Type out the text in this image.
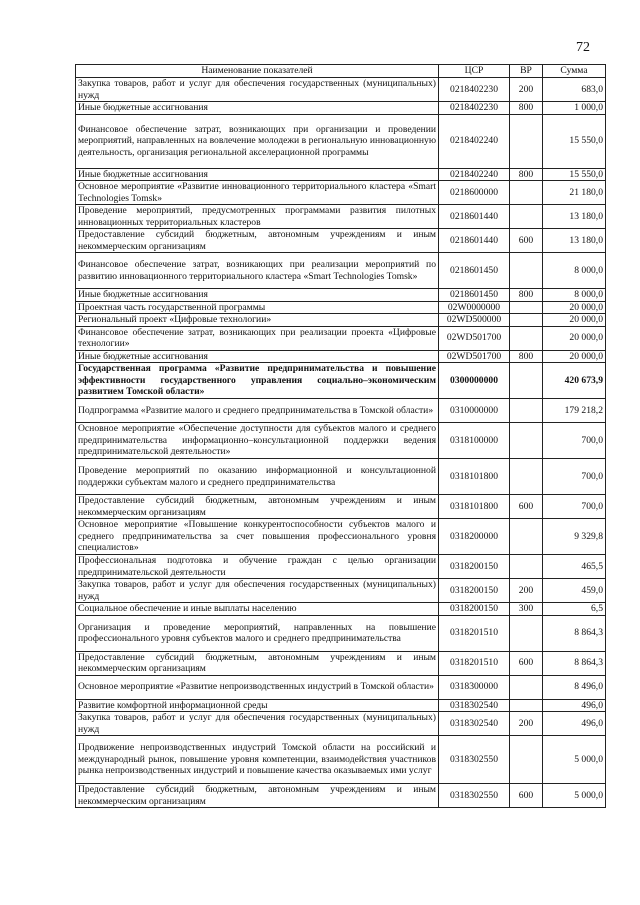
72
Наименование показателей	ЦСР	ВР	Сумма
Закупка товаров, работ и услуг для обеспечения государственных (муниципальных) нужд	0218402230	200	683,0
Иные бюджетные ассигнования	0218402230	800	1 000,0
Финансовое обеспечение затрат, возникающих при организации и проведении мероприятий, направленных на вовлечение молодежи в региональную инновационную деятельность, организация региональной акселерационной программы	0218402240		15 550,0
Иные бюджетные ассигнования	0218402240	800	15 550,0
Основное мероприятие «Развитие инновационного территориального кластера «Smart Technologies Tomsk»	0218600000		21 180,0
Проведение мероприятий, предусмотренных программами развития пилотных инновационных территориальных кластеров	0218601440		13 180,0
Предоставление субсидий бюджетным, автономным учреждениям и иным некоммерческим организациям	0218601440	600	13 180,0
Финансовое обеспечение затрат, возникающих при реализации мероприятий по развитию инновационного территориального кластера «Smart Technologies Tomsk»	0218601450		8 000,0
Иные бюджетные ассигнования	0218601450	800	8 000,0
Проектная часть государственной программы	02W0000000		20 000,0
Региональный проект «Цифровые технологии»	02WD500000		20 000,0
Финансовое обеспечение затрат, возникающих при реализации проекта «Цифровые технологии»	02WD501700		20 000,0
Иные бюджетные ассигнования	02WD501700	800	20 000,0
Государственная программа «Развитие предпринимательства и повышение эффективности государственного управления социально–экономическим развитием Томской области»	0300000000		420 673,9
Подпрограмма «Развитие малого и среднего предпринимательства в Томской области»	0310000000		179 218,2
Основное мероприятие «Обеспечение доступности для субъектов малого и среднего предпринимательства информационно–консультационной поддержки ведения предпринимательской деятельности»	0318100000		700,0
Проведение мероприятий по оказанию информационной и консультационной поддержки субъектам малого и среднего предпринимательства	0318101800		700,0
Предоставление субсидий бюджетным, автономным учреждениям и иным некоммерческим организациям	0318101800	600	700,0
Основное мероприятие «Повышение конкурентоспособности субъектов малого и среднего предпринимательства за счет повышения профессионального уровня специалистов»	0318200000		9 329,8
Профессиональная подготовка и обучение граждан с целью организации предпринимательской деятельности	0318200150		465,5
Закупка товаров, работ и услуг для обеспечения государственных (муниципальных) нужд	0318200150	200	459,0
Социальное обеспечение и иные выплаты населению	0318200150	300	6,5
Организация и проведение мероприятий, направленных на повышение профессионального уровня субъектов малого и среднего предпринимательства	0318201510		8 864,3
Предоставление субсидий бюджетным, автономным учреждениям и иным некоммерческим организациям	0318201510	600	8 864,3
Основное мероприятие «Развитие непроизводственных индустрий в Томской области»	0318300000		8 496,0
Развитие комфортной информационной среды	0318302540		496,0
Закупка товаров, работ и услуг для обеспечения государственных (муниципальных) нужд	0318302540	200	496,0
Продвижение непроизводственных индустрий Томской области на российский и международный рынок, повышение уровня компетенции, взаимодействия участников рынка непроизводственных индустрий и повышение качества оказываемых ими услуг	0318302550		5 000,0
Предоставление субсидий бюджетным, автономным учреждениям и иным некоммерческим организациям	0318302550	600	5 000,0
